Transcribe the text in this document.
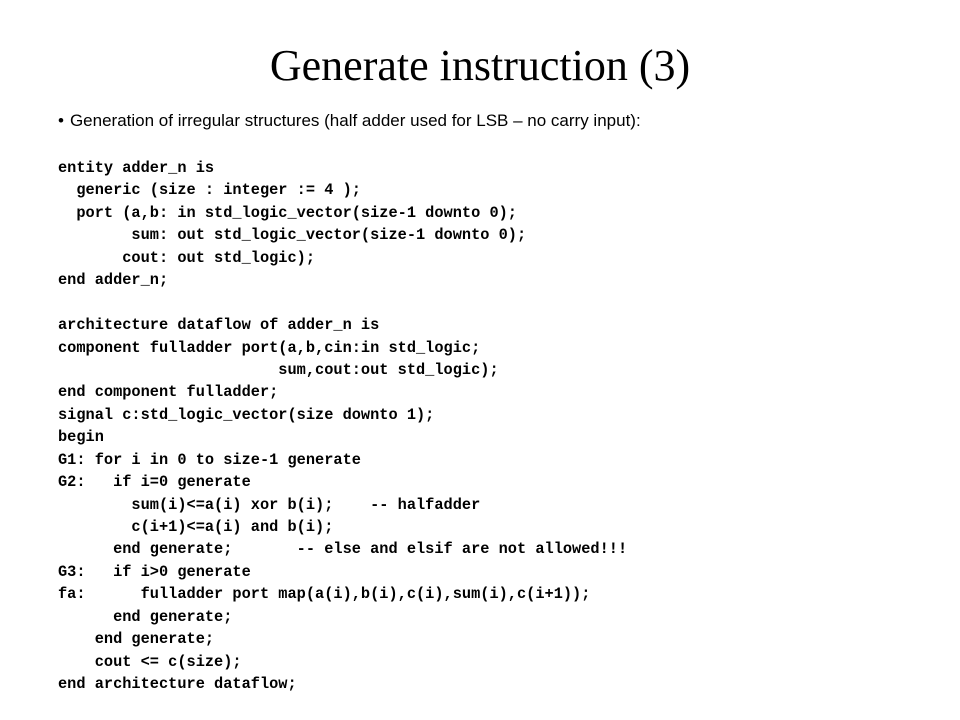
Generate instruction (3)
• Generation of irregular structures (half adder used for LSB – no carry input):
entity adder_n is
generic (size : integer := 4 );
port (a,b: in std_logic_vector(size-1 downto 0);
sum: out std_logic_vector(size-1 downto 0);
cout: out std_logic);
end adder_n;
architecture dataflow of adder_n is
component fulladder port(a,b,cin:in std_logic;
sum,cout:out std_logic);
end component fulladder;
signal c:std_logic_vector(size downto 1);
begin
G1: for i in 0 to size-1 generate
G2:   if i=0 generate
sum(i)<=a(i) xor b(i);    -- halfadder
c(i+1)<=a(i) and b(i);
end generate;       -- else and elsif are not allowed!!!
G3:   if i>0 generate
fa:      fulladder port map(a(i),b(i),c(i),sum(i),c(i+1));
end generate;
end generate;
cout <= c(size);
end architecture dataflow;
